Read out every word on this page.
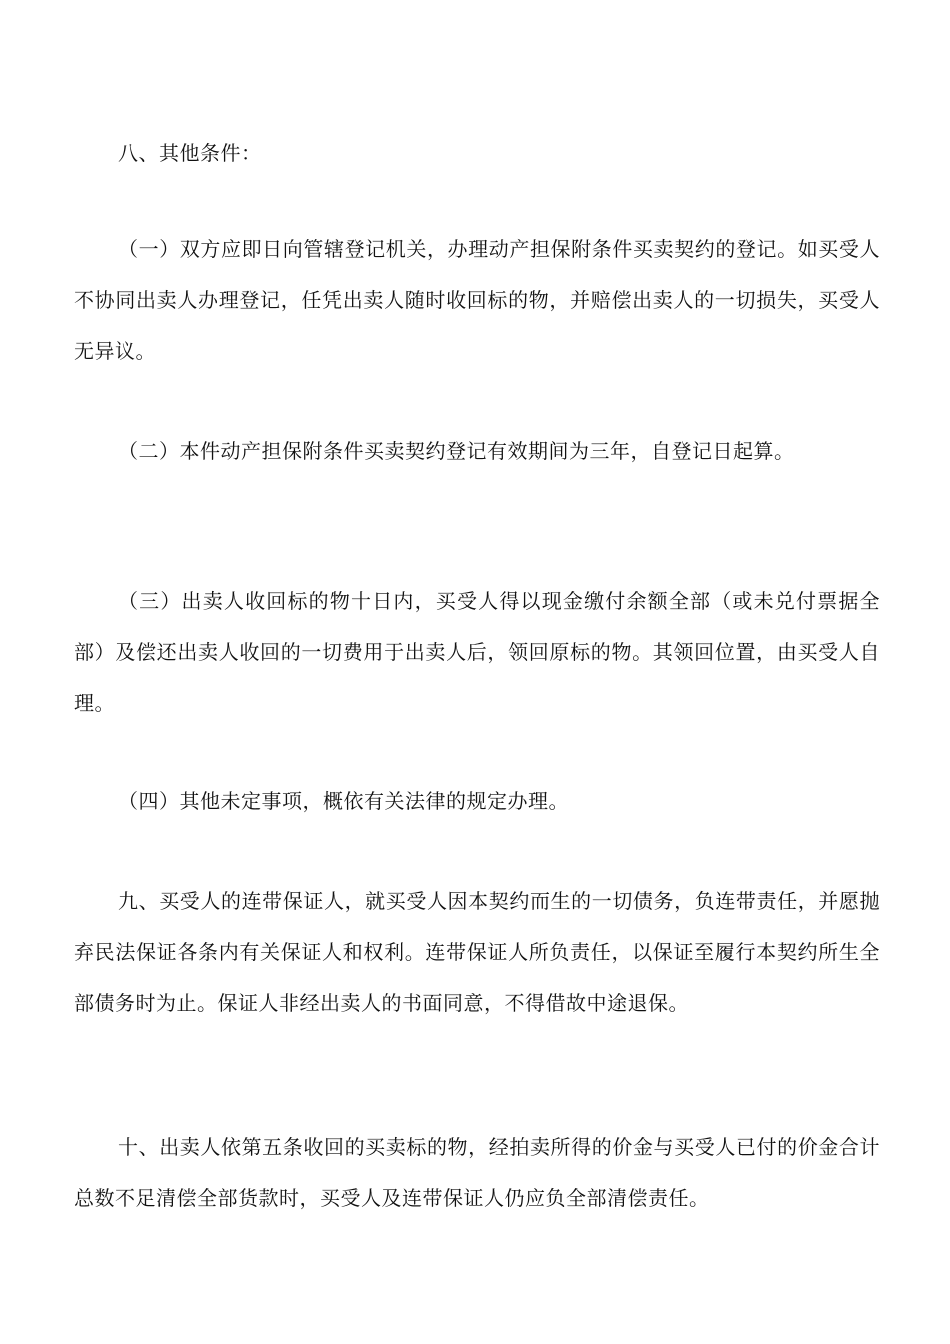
八、其他条件：

（一）双方应即日向管辖登记机关，办理动产担保附条件买卖契约的登记。如买受人不协同出卖人办理登记，任凭出卖人随时收回标的物，并赔偿出卖人的一切损失，买受人无异议。

（二）本件动产担保附条件买卖契约登记有效期间为三年，自登记日起算。

（三）出卖人收回标的物十日内，买受人得以现金缴付余额全部（或未兑付票据全部）及偿还出卖人收回的一切费用于出卖人后，领回原标的物。其领回位置，由买受人自理。

（四）其他未定事项，概依有关法律的规定办理。

九、买受人的连带保证人，就买受人因本契约而生的一切债务，负连带责任，并愿抛弃民法保证各条内有关保证人和权利。连带保证人所负责任，以保证至履行本契约所生全部债务时为止。保证人非经出卖人的书面同意，不得借故中途退保。

十、出卖人依第五条收回的买卖标的物，经拍卖所得的价金与买受人已付的价金合计总数不足清偿全部货款时，买受人及连带保证人仍应负全部清偿责任。
